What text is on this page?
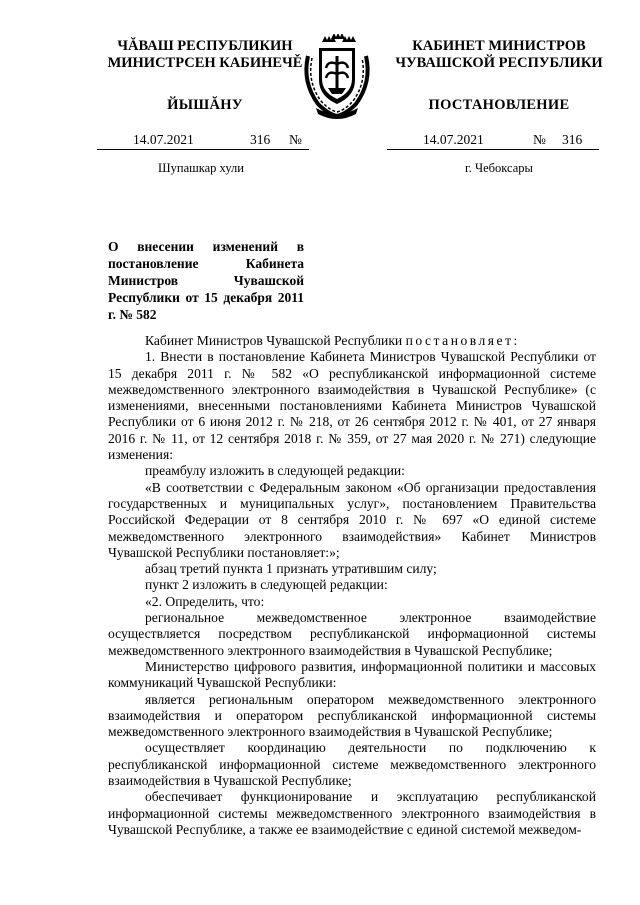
ЧĂВАШ РЕСПУБЛИКИН
МИНИСТРСЕН КАБИНЕЧĚ
КАБИНЕТ МИНИСТРОВ
ЧУВАШСКОЙ РЕСПУБЛИКИ
ЙЫШĂНУ	ПОСТАНОВЛЕНИЕ
14.07.2021	316 №	14.07.2021	№ 316
Шупашкар хули	г. Чебоксары
О внесении изменений в постановление Кабинета Министров Чувашской Республики от 15 декабря 2011 г. № 582

Кабинет Министров Чувашской Республики постановляет:

1. Внести в постановление Кабинета Министров Чувашской Республики от 15 декабря 2011 г. № 582 «О республиканской информационной системе межведомственного электронного взаимодействия в Чувашской Республике» (с изменениями, внесенными постановлениями Кабинета Министров Чувашской Республики от 6 июня 2012 г. № 218, от 26 сентября 2012 г. № 401, от 27 января 2016 г. № 11, от 12 сентября 2018 г. № 359, от 27 мая 2020 г. № 271) следующие изменения:

преамбулу изложить в следующей редакции:

«В соответствии с Федеральным законом «Об организации предоставления государственных и муниципальных услуг», постановлением Правительства Российской Федерации от 8 сентября 2010 г. № 697 «О единой системе межведомственного электронного взаимодействия» Кабинет Министров Чувашской Республики постановляет:»;

абзац третий пункта 1 признать утратившим силу;

пункт 2 изложить в следующей редакции:

«2. Определить, что:

региональное межведомственное электронное взаимодействие осуществляется посредством республиканской информационной системы межведомственного электронного взаимодействия в Чувашской Республике;

Министерство цифрового развития, информационной политики и массовых коммуникаций Чувашской Республики:

является региональным оператором межведомственного электронного взаимодействия и оператором республиканской информационной системы межведомственного электронного взаимодействия в Чувашской Республике;

осуществляет координацию деятельности по подключению к республиканской информационной системе межведомственного электронного взаимодействия в Чувашской Республике;

обеспечивает функционирование и эксплуатацию республиканской информационной системы межведомственного электронного взаимодействия в Чувашской Республике, а также ее взаимодействие с единой системой межведом-
